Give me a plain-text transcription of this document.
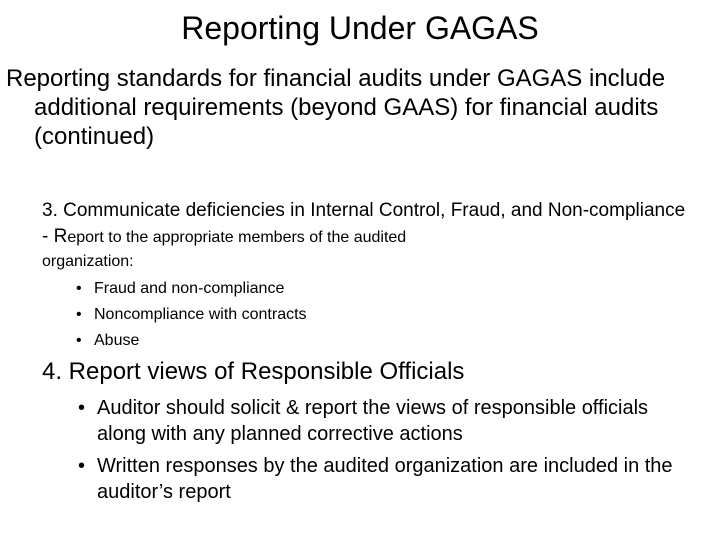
Reporting Under GAGAS
Reporting standards for financial audits under GAGAS include additional requirements (beyond GAAS) for financial audits (continued)
3. Communicate deficiencies in Internal Control, Fraud, and Non-compliance - Report to the appropriate members of the audited
organization:
• Fraud and non-compliance
• Noncompliance with contracts
• Abuse
4. Report views of Responsible Officials
• Auditor should solicit & report the views of responsible officials along with any planned corrective actions
• Written responses by the audited organization are included in the auditor’s report
